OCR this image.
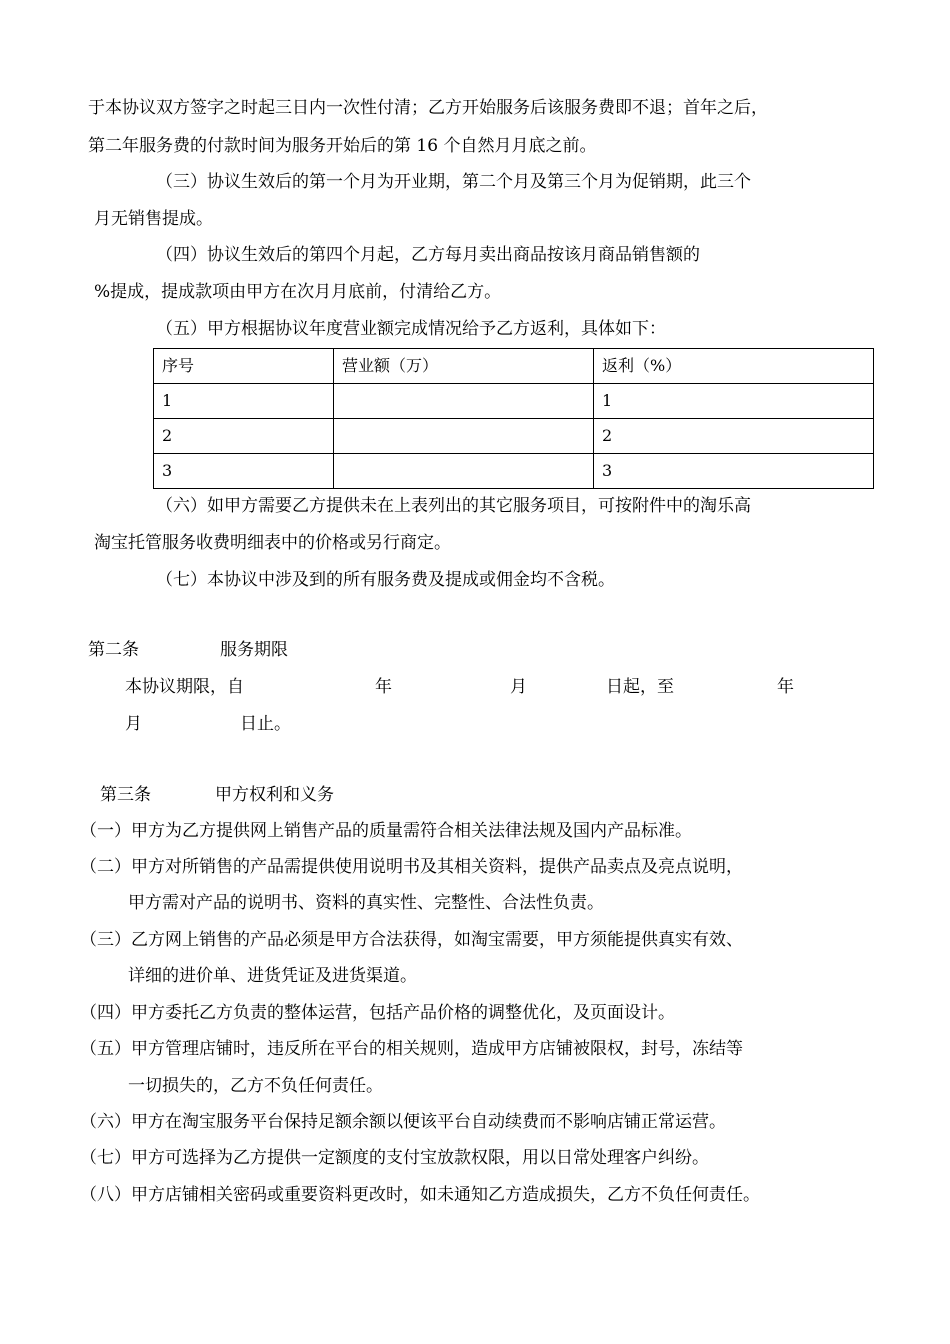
于本协议双方签字之时起三日内一次性付清；乙方开始服务后该服务费即不退；首年之后，
第二年服务费的付款时间为服务开始后的第 16 个自然月月底之前。
（三）协议生效后的第一个月为开业期，第二个月及第三个月为促销期，此三个
月无销售提成。
（四）协议生效后的第四个月起，乙方每月卖出商品按该月商品销售额的
%提成，提成款项由甲方在次月月底前，付清给乙方。
（五）甲方根据协议年度营业额完成情况给予乙方返利，具体如下：
序号	营业额（万）	返利（%）
1		1
2		2
3		3
（六）如甲方需要乙方提供未在上表列出的其它服务项目，可按附件中的淘乐高
淘宝托管服务收费明细表中的价格或另行商定。
（七）本协议中涉及到的所有服务费及提成或佣金均不含税。
第二条	服务期限
本协议期限，自	年	月	日起，至	年
月	日止。
第三条	甲方权利和义务
（一）甲方为乙方提供网上销售产品的质量需符合相关法律法规及国内产品标准。
（二）甲方对所销售的产品需提供使用说明书及其相关资料，提供产品卖点及亮点说明，
甲方需对产品的说明书、资料的真实性、完整性、合法性负责。
（三）乙方网上销售的产品必须是甲方合法获得，如淘宝需要，甲方须能提供真实有效、
详细的进价单、进货凭证及进货渠道。
（四）甲方委托乙方负责的整体运营，包括产品价格的调整优化，及页面设计。
（五）甲方管理店铺时，违反所在平台的相关规则，造成甲方店铺被限权，封号，冻结等
一切损失的，乙方不负任何责任。
（六）甲方在淘宝服务平台保持足额余额以便该平台自动续费而不影响店铺正常运营。
（七）甲方可选择为乙方提供一定额度的支付宝放款权限，用以日常处理客户纠纷。
（八）甲方店铺相关密码或重要资料更改时，如未通知乙方造成损失，乙方不负任何责任。
